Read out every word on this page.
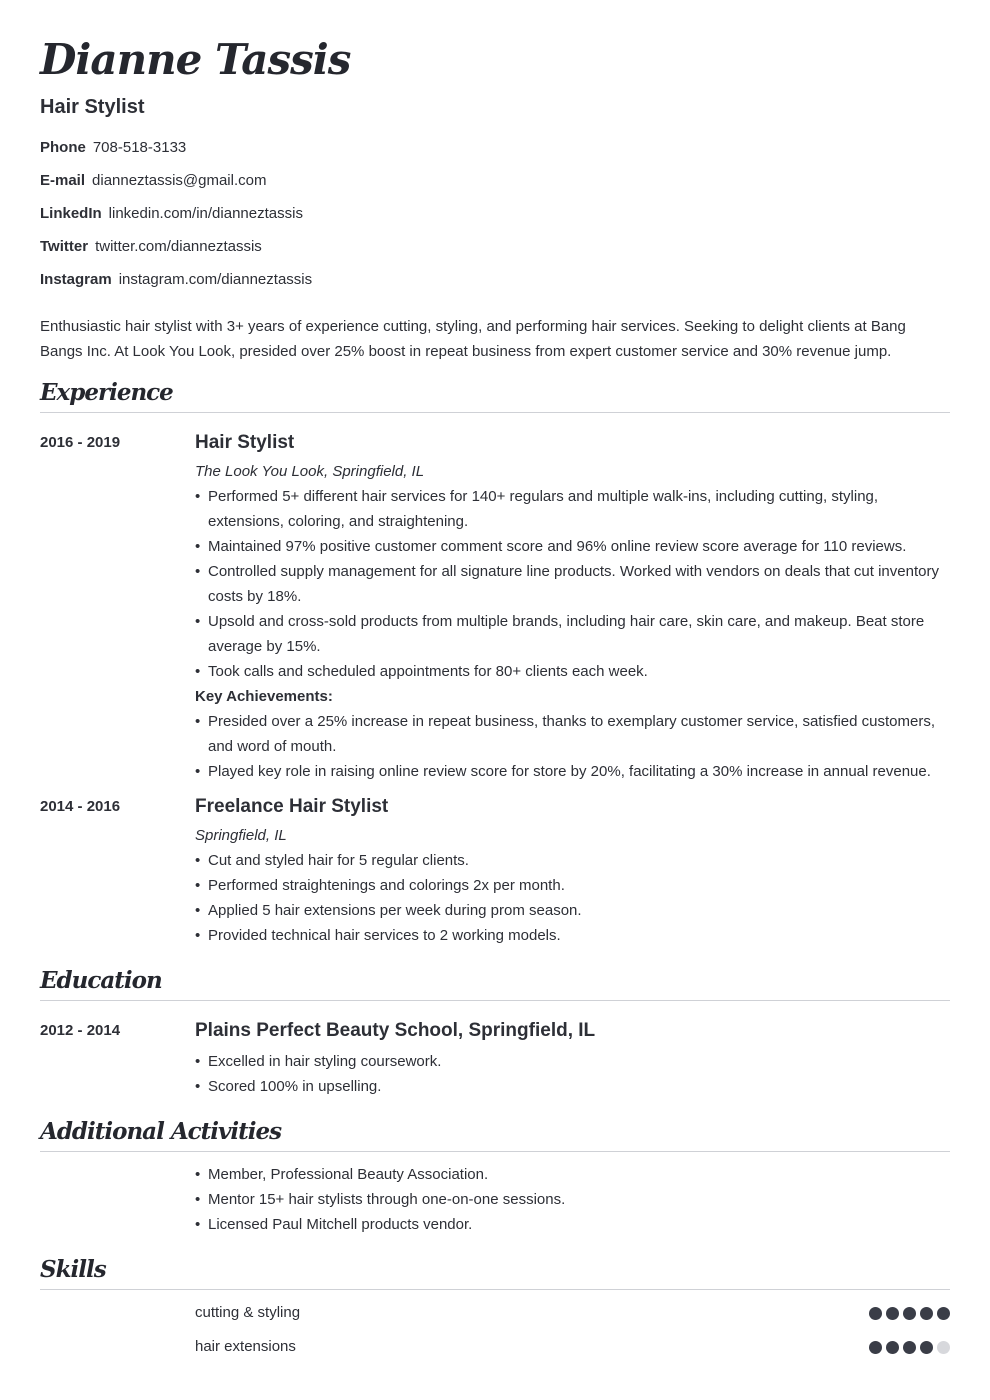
Dianne Tassis
Hair Stylist
Phone 708-518-3133
E-mail dianneztassis@gmail.com
LinkedIn linkedin.com/in/dianneztassis
Twitter twitter.com/dianneztassis
Instagram instagram.com/dianneztassis

Enthusiastic hair stylist with 3+ years of experience cutting, styling, and performing hair services. Seeking to delight clients at Bang Bangs Inc. At Look You Look, presided over 25% boost in repeat business from expert customer service and 30% revenue jump.

Experience
2016 - 2019	Hair Stylist
The Look You Look, Springfield, IL
• Performed 5+ different hair services for 140+ regulars and multiple walk-ins, including cutting, styling, extensions, coloring, and straightening.
• Maintained 97% positive customer comment score and 96% online review score average for 110 reviews.
• Controlled supply management for all signature line products. Worked with vendors on deals that cut inventory costs by 18%.
• Upsold and cross-sold products from multiple brands, including hair care, skin care, and makeup. Beat store average by 15%.
• Took calls and scheduled appointments for 80+ clients each week.
Key Achievements:
• Presided over a 25% increase in repeat business, thanks to exemplary customer service, satisfied customers, and word of mouth.
• Played key role in raising online review score for store by 20%, facilitating a 30% increase in annual revenue.
2014 - 2016	Freelance Hair Stylist
Springfield, IL
• Cut and styled hair for 5 regular clients.
• Performed straightenings and colorings 2x per month.
• Applied 5 hair extensions per week during prom season.
• Provided technical hair services to 2 working models.
Education
2012 - 2014	Plains Perfect Beauty School, Springfield, IL
• Excelled in hair styling coursework.
• Scored 100% in upselling.
Additional Activities
• Member, Professional Beauty Association.
• Mentor 15+ hair stylists through one-on-one sessions.
• Licensed Paul Mitchell products vendor.
Skills
cutting & styling
hair extensions
